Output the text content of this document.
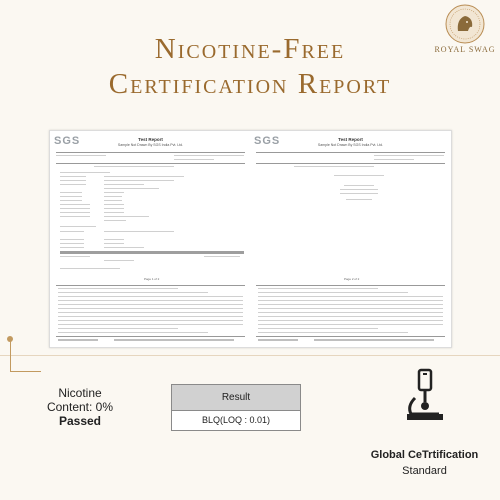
ROYAL SWAG
Nicotine-Free
Certification Report
SGS	Test Report
Sample Not Drawn By SGS India Pvt. Ltd.
Page 1 of 2
SGS	Test Report
Sample Not Drawn By SGS India Pvt. Ltd.
Page 2 of 2
Nicotine
Content: 0%
Passed
Result
BLQ(LOQ : 0.01)
Global CeTrtification
Standard
